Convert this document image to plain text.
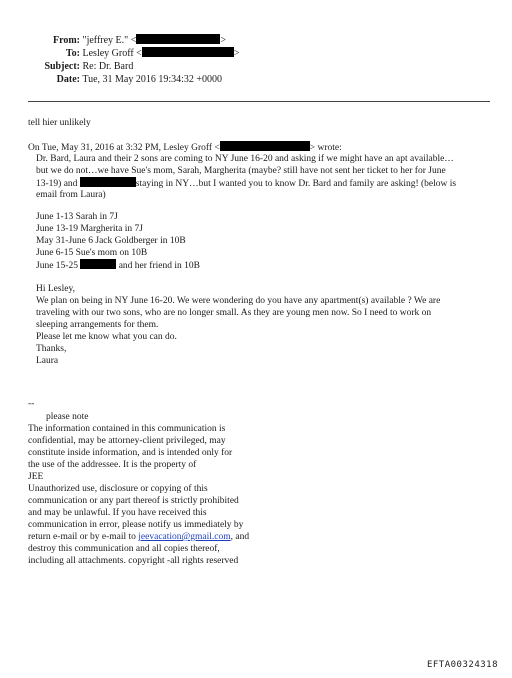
From: "jeffrey E." <	>
To: Lesley Groff <	>
Subject: Re: Dr. Bard
Date: Tue, 31 May 2016 19:34:32 +0000
tell hier unlikely
On Tue, May 31, 2016 at 3:32 PM, Lesley Groff <	> wrote:
Dr. Bard, Laura and their 2 sons are coming to NY June 16-20 and asking if we might have an apt available…
but we do not…we have Sue's mom, Sarah, Margherita (maybe? still have not sent her ticket to her for June
13-19) and	staying in NY…but I wanted you to know Dr. Bard and family are asking! (below is
email from Laura)
June 1-13 Sarah in 7J
June 13-19 Margherita in 7J
May 31-June 6 Jack Goldberger in 10B
June 6-15 Sue's mom on 10B
June 15-25	and her friend in 10B
Hi Lesley,
We plan on being in NY June 16-20. We were wondering do you have any apartment(s) available ? We are
traveling with our two sons, who are no longer small. As they are young men now. So I need to work on
sleeping arrangements for them.
Please let me know what you can do.
Thanks,
Laura
--
please note
The information contained in this communication is
confidential, may be attorney-client privileged, may
constitute inside information, and is intended only for
the use of the addressee. It is the property of
JEE
Unauthorized use, disclosure or copying of this
communication or any part thereof is strictly prohibited
and may be unlawful. If you have received this
communication in error, please notify us immediately by
return e-mail or by e-mail to jeevacation@gmail.com, and
destroy this communication and all copies thereof,
including all attachments. copyright -all rights reserved
EFTA00324318
